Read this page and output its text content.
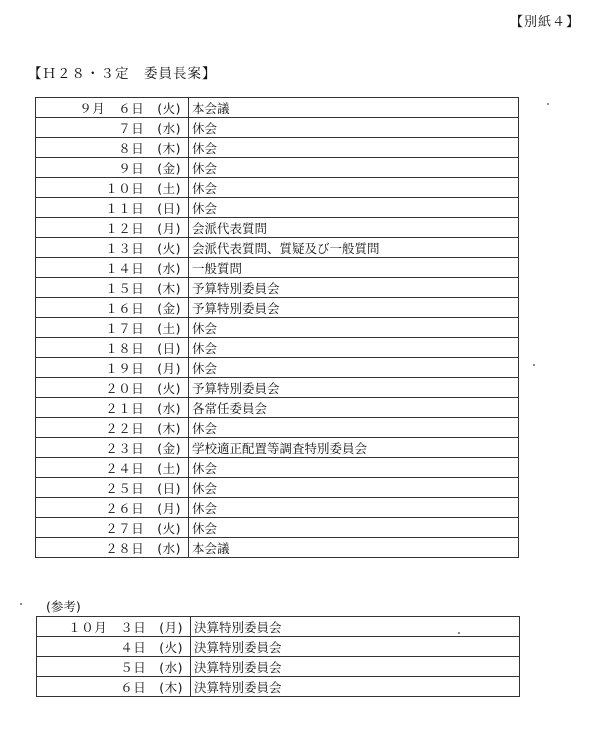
【別紙４】
【Ｈ２８・３定　委員長案】
９月　６日　(火)	本会議
７日　(水)	休会
８日　(木)	休会
９日　(金)	休会
１０日　(土)	休会
１１日　(日)	休会
１２日　(月)	会派代表質問
１３日　(火)	会派代表質問、質疑及び一般質問
１４日　(水)	一般質問
１５日　(木)	予算特別委員会
１６日　(金)	予算特別委員会
１７日　(土)	休会
１８日　(日)	休会
１９日　(月)	休会
２０日　(火)	予算特別委員会
２１日　(水)	各常任委員会
２２日　(木)	休会
２３日　(金)	学校適正配置等調査特別委員会
２４日　(土)	休会
２５日　(日)	休会
２６日　(月)	休会
２７日　(火)	休会
２８日　(水)	本会議
(参考)
１０月　３日　(月)	決算特別委員会
４日　(火)	決算特別委員会
５日　(水)	決算特別委員会
６日　(木)	決算特別委員会
